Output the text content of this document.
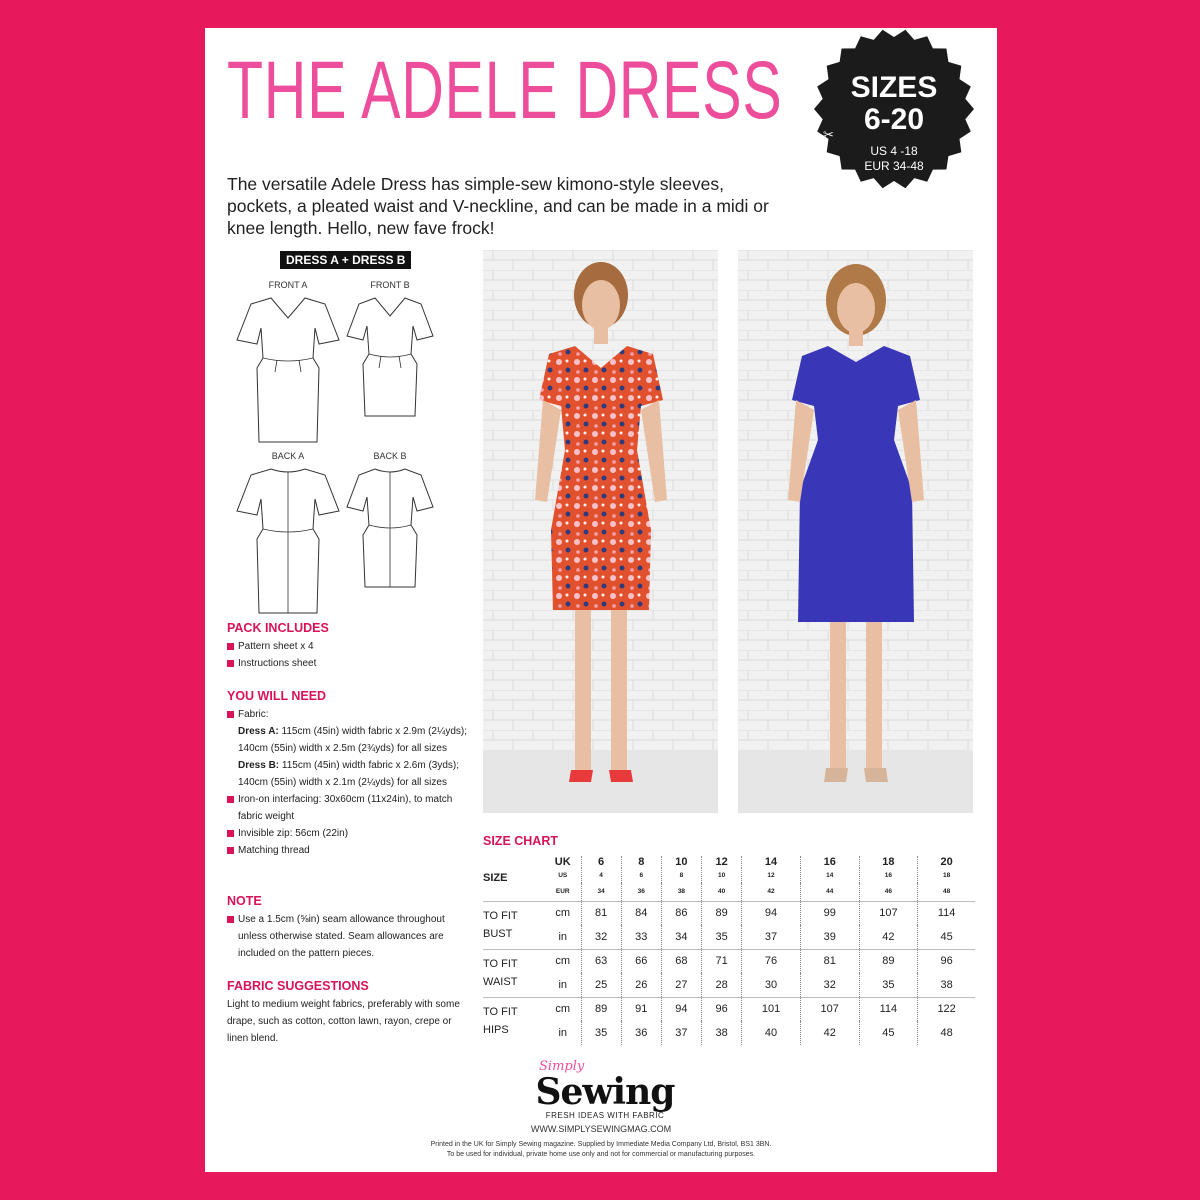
THE ADELE DRESS	SIZES
6-20
✂
US 4 -18
EUR 34-48
The versatile Adele Dress has simple-sew kimono-style sleeves, pockets, a pleated waist and V-neckline, and can be made in a midi or knee length. Hello, new fave frock!
DRESS A + DRESS B
FRONT A	FRONT B
BACK A	BACK B
PACK INCLUDES
Pattern sheet x 4
Instructions sheet
YOU WILL NEED
Fabric:
Dress A: 115cm (45in) width fabric x 2.9m (2¼yds); 140cm (55in) width x 2.5m (2¾yds) for all sizes
Dress B: 115cm (45in) width fabric x 2.6m (3yds); 140cm (55in) width x 2.1m (2¼yds) for all sizes
Iron-on interfacing: 30x60cm (11x24in), to match fabric weight
Invisible zip: 56cm (22in)
Matching thread
NOTE
Use a 1.5cm (⅝in) seam allowance throughout unless otherwise stated. Seam allowances are included on the pattern pieces.
FABRIC SUGGESTIONS
Light to medium weight fabrics, preferably with some drape, such as cotton, cotton lawn, rayon, crepe or linen blend.
SIZE CHART
SIZE	UK	6	8	10	12	14	16	18	20
	US	4	6	8	10	12	14	16	18
	EUR	34	36	38	40	42	44	46	48

TO FIT
BUST	cm	81	84	86	89	94	99	107	114
	in	32	33	34	35	37	39	42	45

TO FIT
WAIST	cm	63	66	68	71	76	81	89	96
	in	25	26	27	28	30	32	35	38

TO FIT
HIPS	cm	89	91	94	96	101	107	114	122
	in	35	36	37	38	40	42	45	48
Simply
Sewing
FRESH IDEAS WITH FABRIC
WWW.SIMPLYSEWINGMAG.COM
Printed in the UK for Simply Sewing magazine. Supplied by Immediate Media Company Ltd, Bristol, BS1 3BN.
To be used for individual, private home use only and not for commercial or manufacturing purposes.
